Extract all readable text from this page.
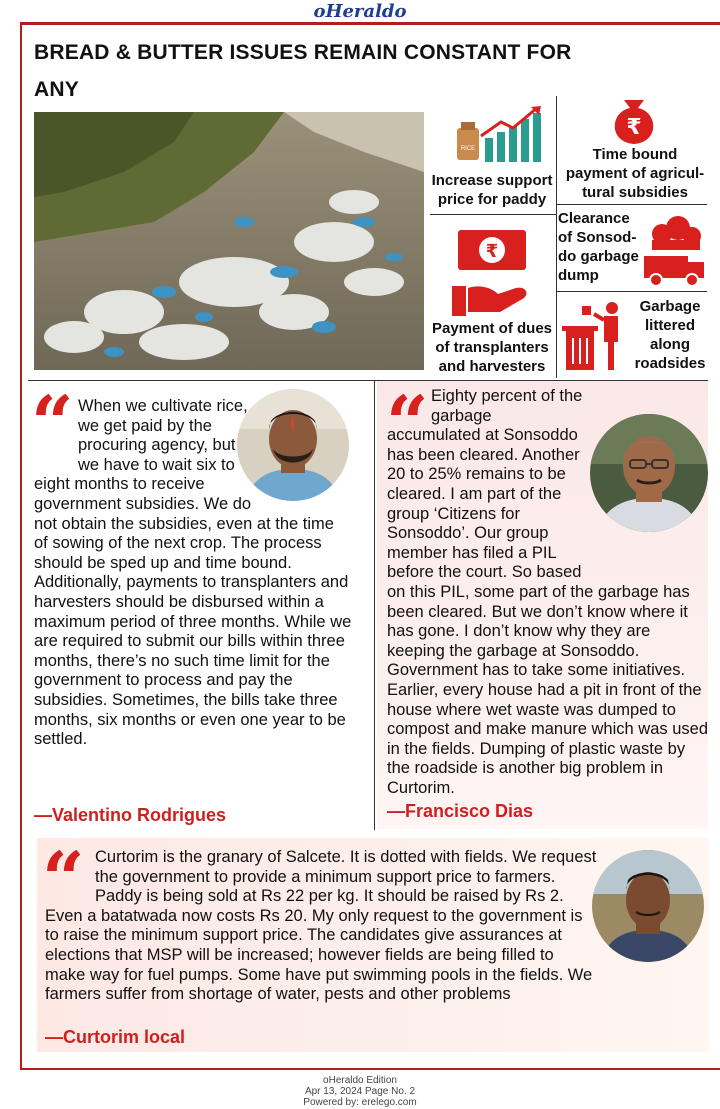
oHeraldo
BREAD & BUTTER ISSUES REMAIN CONSTANT FOR ANY
RICE
Increase support price for paddy
₹
Time bound payment of agricul-tural subsidies
₹
Payment of dues of transplanters and harvesters
Clearance of Sonsod-do garbage dump
Garbage littered along roadsides
“ When we cultivate rice, we get paid by the procuring agency, but we have to wait six to eight months to receive government subsidies. We do not obtain the subsidies, even at the time of sowing of the next crop. The process should be sped up and time bound. Additionally, payments to transplanters and harvesters should be disbursed within a maximum period of three months. While we are required to submit our bills within three months, there’s no such time limit for the government to process and pay the subsidies. Sometimes, the bills take three months, six months or even one year to be settled.
—Valentino Rodrigues
“ Eighty percent of the garbage accumulated at Sonsoddo has been cleared. Another 20 to 25% remains to be cleared. I am part of the group ‘Citizens for Sonsoddo’. Our group member has filed a PIL before the court. So based on this PIL, some part of the garbage has been cleared. But we don’t know where it has gone. I don’t know why they are keeping the garbage at Sonsoddo. Government has to take some initiatives. Earlier, every house had a pit in front of the house where wet waste was dumped to compost and make manure which was used in the fields. Dumping of plastic waste by the roadside is another big problem in Curtorim.
—Francisco Dias
“	Curtorim is the granary of Salcete. It is dotted with fields. We request the government to provide a minimum support price to farmers. Paddy is being sold at Rs 22 per kg. It should be raised by Rs 2. Even a batatwada now costs Rs 20. My only request to the government is to raise the minimum support price. The candidates give assurances at elections that MSP will be increased; however fields are being filled to make way for fuel pumps. Some have put swimming pools in the fields. We farmers suffer from shortage of water, pests and other problems
—Curtorim local
oHeraldo Edition
Apr 13, 2024 Page No. 2
Powered by: erelego.com
